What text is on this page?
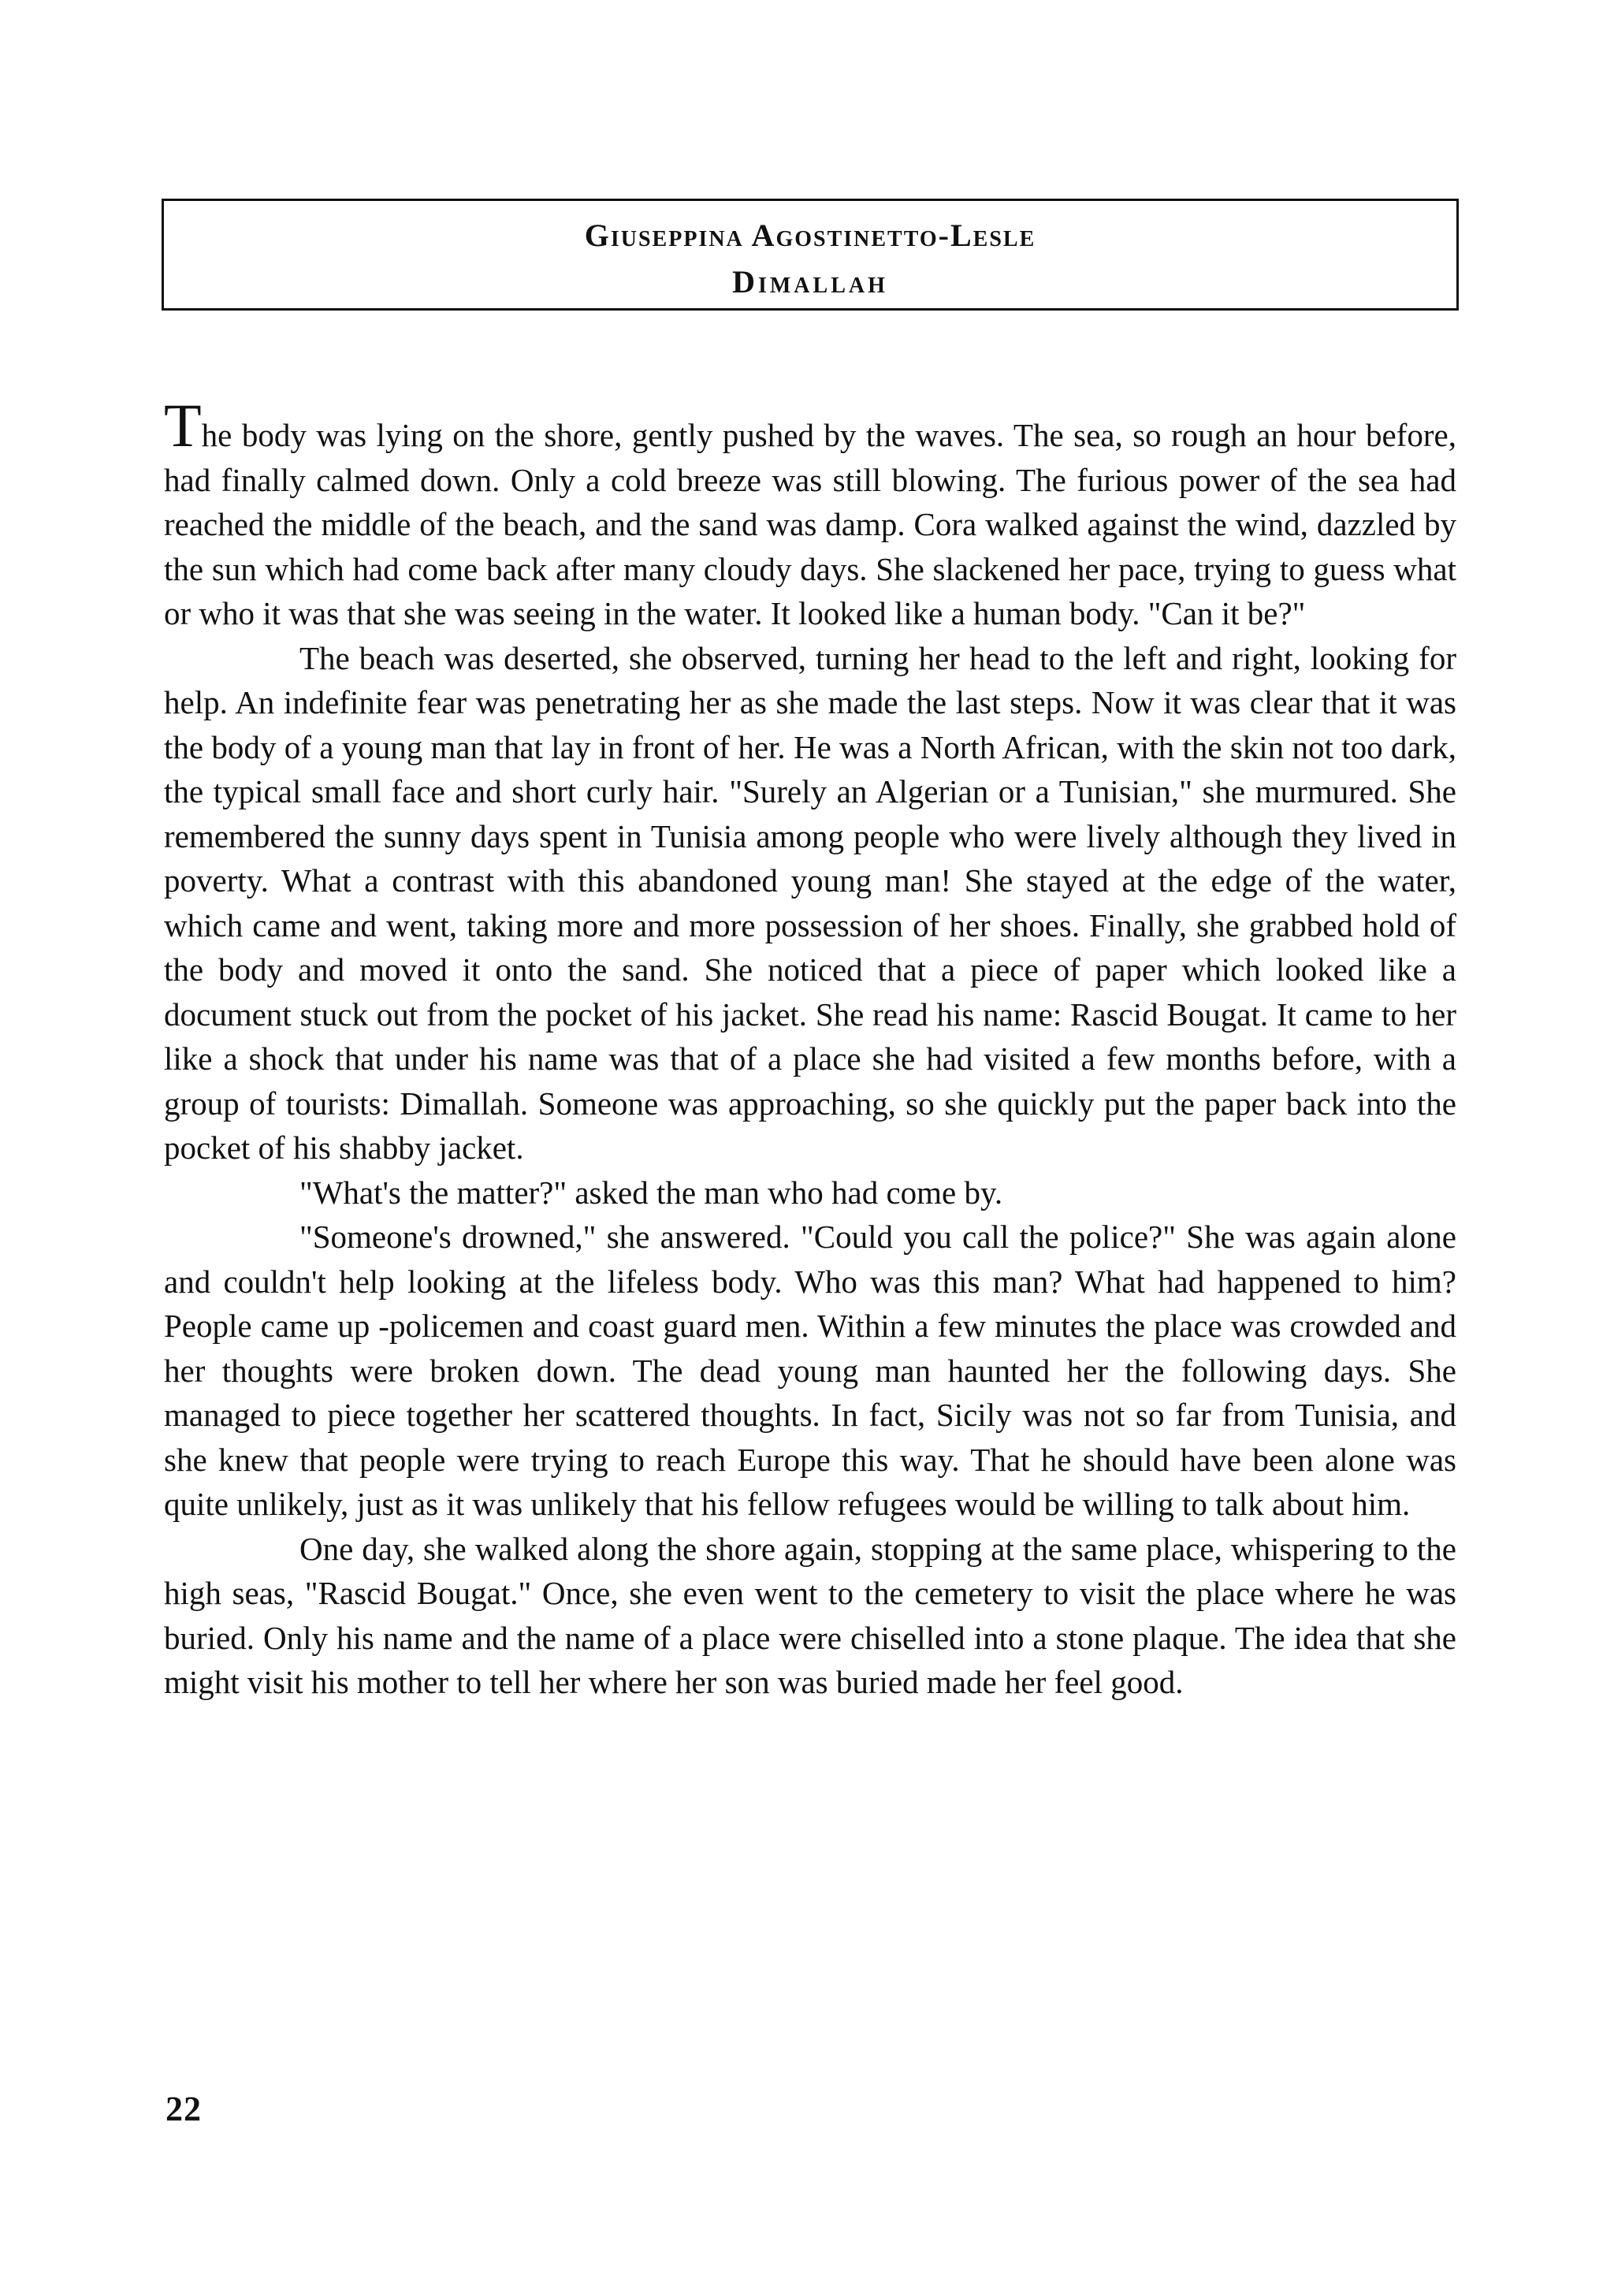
Giuseppina Agostinetto-Lesle
Dimallah

The body was lying on the shore, gently pushed by the waves. The sea, so rough an hour before, had finally calmed down. Only a cold breeze was still blowing. The furious power of the sea had reached the middle of the beach, and the sand was damp. Cora walked against the wind, dazzled by the sun which had come back after many cloudy days. She slackened her pace, trying to guess what or who it was that she was seeing in the water. It looked like a human body. "Can it be?"

The beach was deserted, she observed, turning her head to the left and right, looking for help. An indefinite fear was penetrating her as she made the last steps. Now it was clear that it was the body of a young man that lay in front of her. He was a North African, with the skin not too dark, the typical small face and short curly hair. "Surely an Algerian or a Tunisian," she murmured. She remembered the sunny days spent in Tunisia among people who were lively although they lived in poverty. What a contrast with this abandoned young man! She stayed at the edge of the water, which came and went, taking more and more possession of her shoes. Finally, she grabbed hold of the body and moved it onto the sand. She noticed that a piece of paper which looked like a document stuck out from the pocket of his jacket. She read his name: Rascid Bougat. It came to her like a shock that under his name was that of a place she had visited a few months before, with a group of tourists: Dimallah. Someone was approaching, so she quickly put the paper back into the pocket of his shabby jacket.

"What's the matter?" asked the man who had come by.

"Someone's drowned," she answered. "Could you call the police?" She was again alone and couldn't help looking at the lifeless body. Who was this man? What had happened to him? People came up -policemen and coast guard men. Within a few minutes the place was crowded and her thoughts were broken down. The dead young man haunted her the following days. She managed to piece together her scattered thoughts. In fact, Sicily was not so far from Tunisia, and she knew that people were trying to reach Europe this way. That he should have been alone was quite unlikely, just as it was unlikely that his fellow refugees would be willing to talk about him.

One day, she walked along the shore again, stopping at the same place, whispering to the high seas, "Rascid Bougat." Once, she even went to the cemetery to visit the place where he was buried. Only his name and the name of a place were chiselled into a stone plaque. The idea that she might visit his mother to tell her where her son was buried made her feel good.

22
